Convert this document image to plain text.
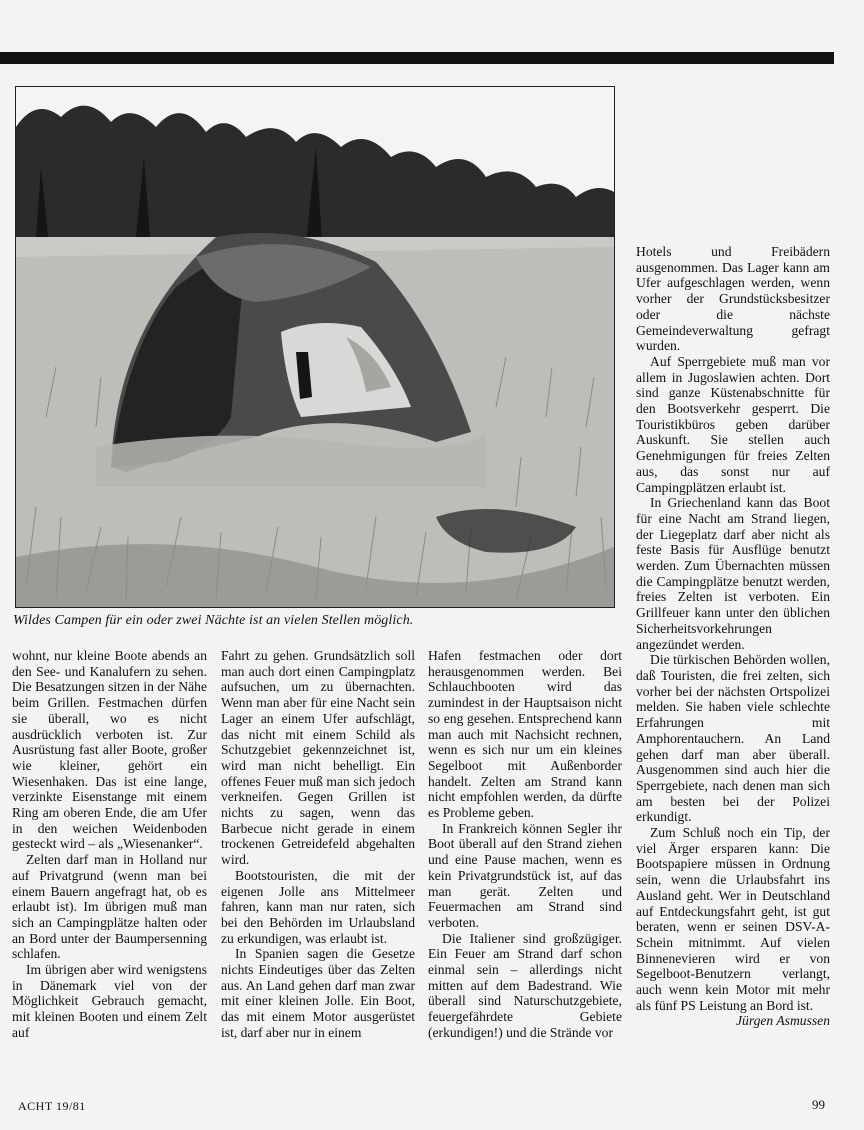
Wildes Campen für ein oder zwei Nächte ist an vielen Stellen möglich.

wohnt, nur kleine Boote abends an den See- und Kanalufern zu sehen. Die Besatzungen sitzen in der Nähe beim Grillen. Festmachen dürfen sie überall, wo es nicht ausdrücklich verboten ist. Zur Ausrüstung fast aller Boote, großer wie kleiner, gehört ein Wiesenhaken. Das ist eine lange, verzinkte Eisenstange mit einem Ring am oberen Ende, die am Ufer in den weichen Weidenboden gesteckt wird – als „Wiesenanker“.

Zelten darf man in Holland nur auf Privatgrund (wenn man bei einem Bauern angefragt hat, ob es erlaubt ist). Im übrigen muß man sich an Campingplätze halten oder an Bord unter der Baumpersenning schlafen.

Im übrigen aber wird wenigstens in Dänemark viel von der Möglichkeit Gebrauch gemacht, mit kleinen Booten und einem Zelt auf

Fahrt zu gehen. Grundsätzlich soll man auch dort einen Campingplatz aufsuchen, um zu übernachten. Wenn man aber für eine Nacht sein Lager an einem Ufer aufschlägt, das nicht mit einem Schild als Schutzgebiet gekennzeichnet ist, wird man nicht behelligt. Ein offenes Feuer muß man sich jedoch verkneifen. Gegen Grillen ist nichts zu sagen, wenn das Barbecue nicht gerade in einem trockenen Getreidefeld abgehalten wird.

Bootstouristen, die mit der eigenen Jolle ans Mittelmeer fahren, kann man nur raten, sich bei den Behörden im Urlaubsland zu erkundigen, was erlaubt ist.

In Spanien sagen die Gesetze nichts Eindeutiges über das Zelten aus. An Land gehen darf man zwar mit einer kleinen Jolle. Ein Boot, das mit einem Motor ausgerüstet ist, darf aber nur in einem

Hafen festmachen oder dort herausgenommen werden. Bei Schlauchbooten wird das zumindest in der Hauptsaison nicht so eng gesehen. Entsprechend kann man auch mit Nachsicht rechnen, wenn es sich nur um ein kleines Segelboot mit Außenborder handelt. Zelten am Strand kann nicht empfohlen werden, da dürfte es Probleme geben.

In Frankreich können Segler ihr Boot überall auf den Strand ziehen und eine Pause machen, wenn es kein Privatgrundstück ist, auf das man gerät. Zelten und Feuermachen am Strand sind verboten.

Die Italiener sind großzügiger. Ein Feuer am Strand darf schon einmal sein – allerdings nicht mitten auf dem Badestrand. Wie überall sind Naturschutzgebiete, feuergefährdete Gebiete (erkundigen!) und die Strände vor

Hotels und Freibädern ausgenommen. Das Lager kann am Ufer aufgeschlagen werden, wenn vorher der Grundstücksbesitzer oder die nächste Gemeindeverwaltung gefragt wurden.

Auf Sperrgebiete muß man vor allem in Jugoslawien achten. Dort sind ganze Küstenabschnitte für den Bootsverkehr gesperrt. Die Touristikbüros geben darüber Auskunft. Sie stellen auch Genehmigungen für freies Zelten aus, das sonst nur auf Campingplätzen erlaubt ist.

In Griechenland kann das Boot für eine Nacht am Strand liegen, der Liegeplatz darf aber nicht als feste Basis für Ausflüge benutzt werden. Zum Übernachten müssen die Campingplätze benutzt werden, freies Zelten ist verboten. Ein Grillfeuer kann unter den üblichen Sicherheitsvorkehrungen angezündet werden.

Die türkischen Behörden wollen, daß Touristen, die frei zelten, sich vorher bei der nächsten Ortspolizei melden. Sie haben viele schlechte Erfahrungen mit Amphorentauchern. An Land gehen darf man aber überall. Ausgenommen sind auch hier die Sperrgebiete, nach denen man sich am besten bei der Polizei erkundigt.

Zum Schluß noch ein Tip, der viel Ärger ersparen kann: Die Bootspapiere müssen in Ordnung sein, wenn die Urlaubsfahrt ins Ausland geht. Wer in Deutschland auf Entdeckungsfahrt geht, ist gut beraten, wenn er seinen DSV-A-Schein mitnimmt. Auf vielen Binnenevieren wird er von Segelboot-Benutzern verlangt, auch wenn kein Motor mit mehr als fünf PS Leistung an Bord ist.

Jürgen Asmussen

ACHT 19/81	99
